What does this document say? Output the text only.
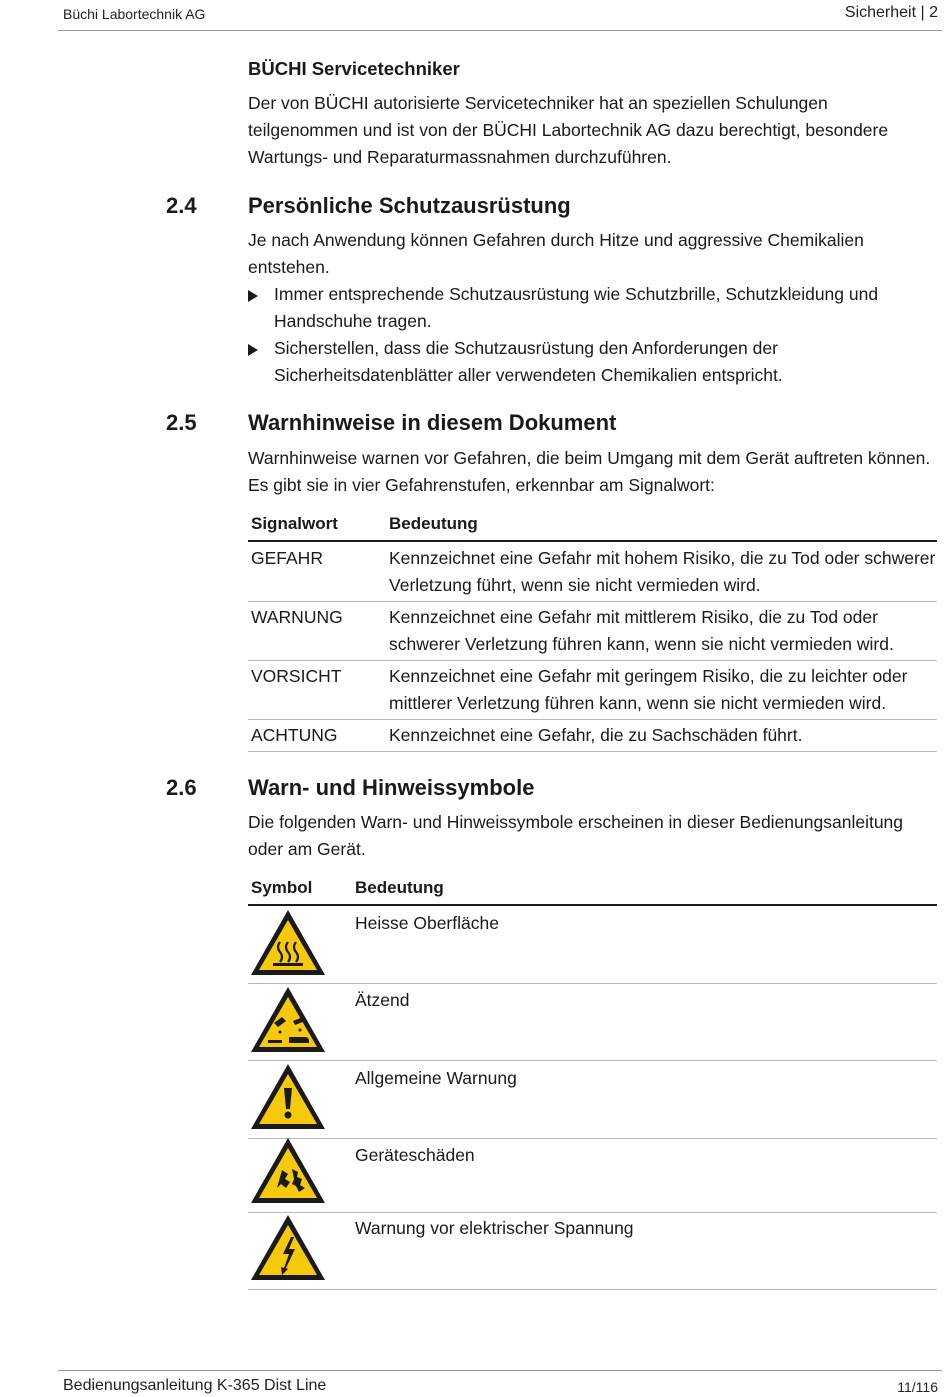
Büchi Labortechnik AG	Sicherheit | 2
BÜCHI Servicetechniker
Der von BÜCHI autorisierte Servicetechniker hat an speziellen Schulungen teilgenommen und ist von der BÜCHI Labortechnik AG dazu berechtigt, besondere Wartungs- und Reparaturmassnahmen durchzuführen.
2.4 Persönliche Schutzausrüstung
Je nach Anwendung können Gefahren durch Hitze und aggressive Chemikalien entstehen.
Immer entsprechende Schutzausrüstung wie Schutzbrille, Schutzkleidung und Handschuhe tragen.
Sicherstellen, dass die Schutzausrüstung den Anforderungen der Sicherheitsdatenblätter aller verwendeten Chemikalien entspricht.
2.5 Warnhinweise in diesem Dokument
Warnhinweise warnen vor Gefahren, die beim Umgang mit dem Gerät auftreten können. Es gibt sie in vier Gefahrenstufen, erkennbar am Signalwort:
Signalwort	Bedeutung
GEFAHR	Kennzeichnet eine Gefahr mit hohem Risiko, die zu Tod oder schwerer Verletzung führt, wenn sie nicht vermieden wird.
WARNUNG	Kennzeichnet eine Gefahr mit mittlerem Risiko, die zu Tod oder schwerer Verletzung führen kann, wenn sie nicht vermieden wird.
VORSICHT	Kennzeichnet eine Gefahr mit geringem Risiko, die zu leichter oder mittlerer Verletzung führen kann, wenn sie nicht vermieden wird.
ACHTUNG	Kennzeichnet eine Gefahr, die zu Sachschäden führt.
2.6 Warn- und Hinweissymbole
Die folgenden Warn- und Hinweissymbole erscheinen in dieser Bedienungsanleitung oder am Gerät.
Symbol	Bedeutung
Heisse Oberfläche
Ätzend
Allgemeine Warnung
Geräteschäden
Warnung vor elektrischer Spannung
Bedienungsanleitung K-365 Dist Line	11/116
